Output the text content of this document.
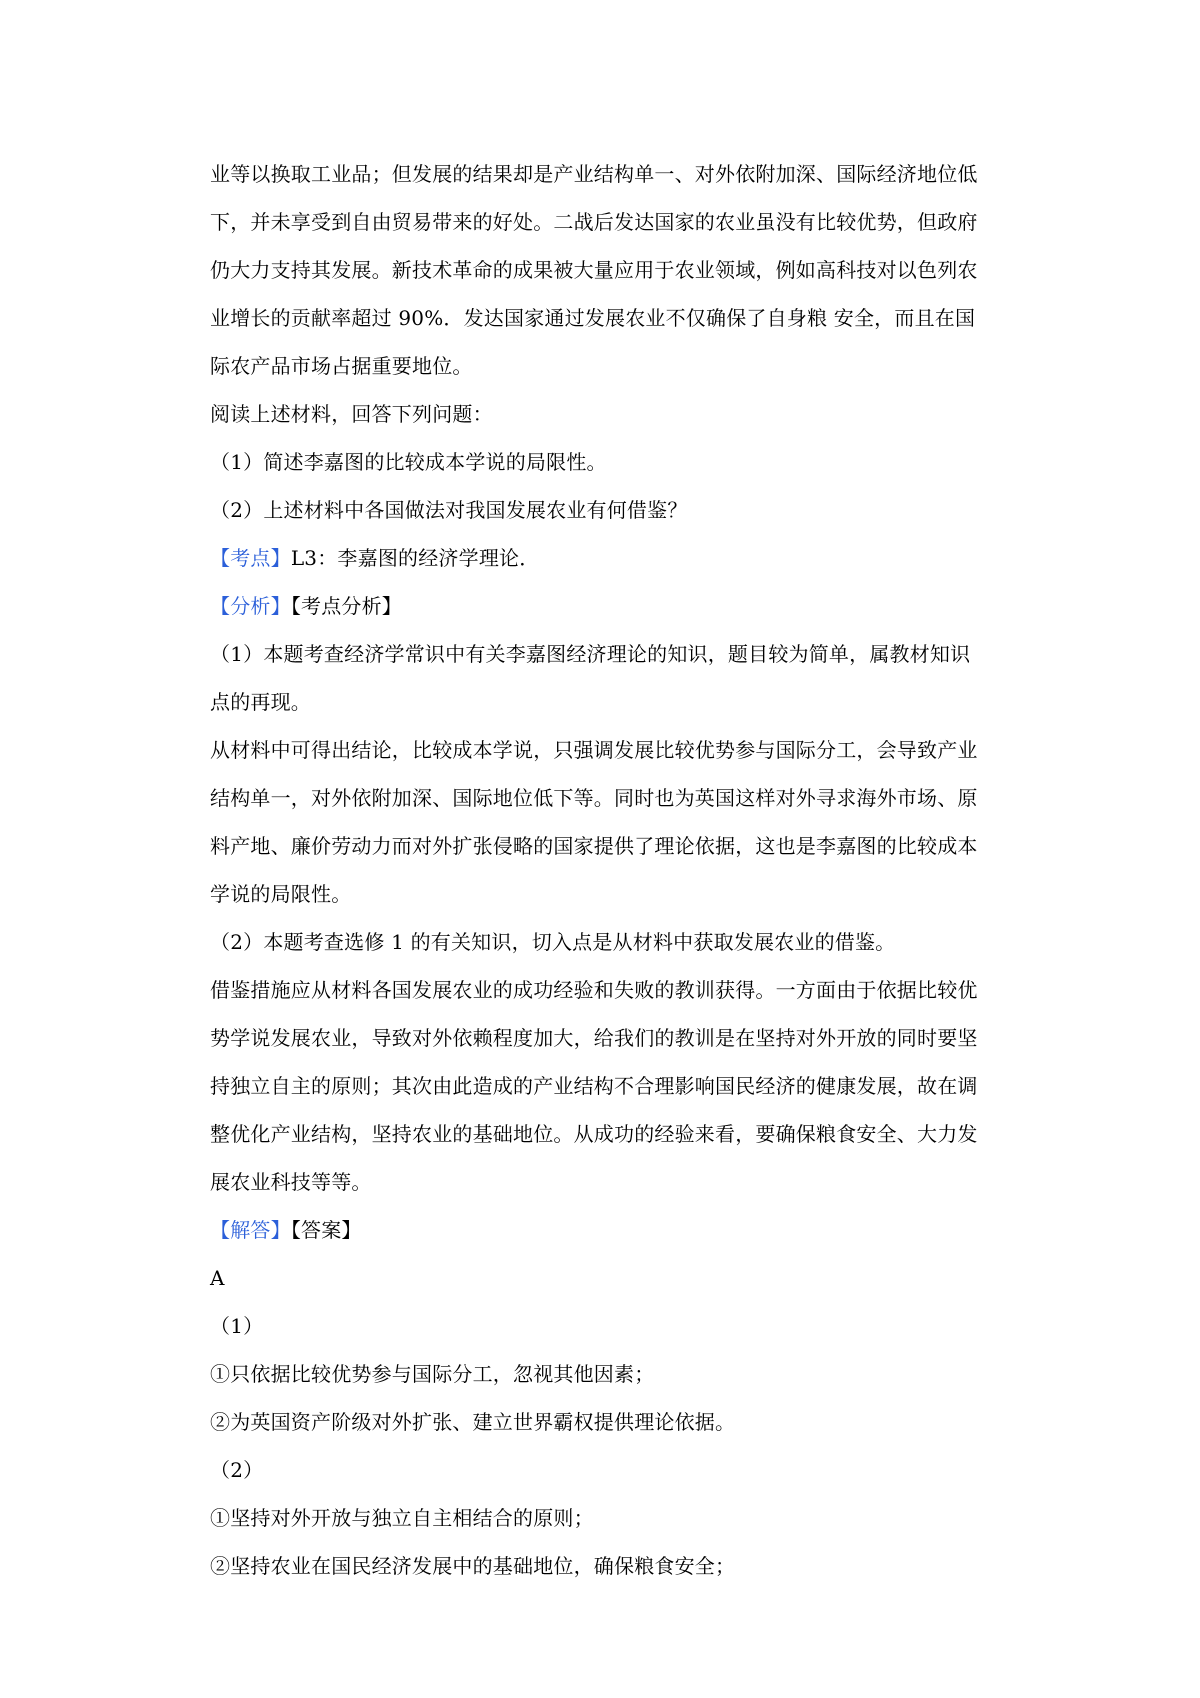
业等以换取工业品；但发展的结果却是产业结构单一、对外依附加深、国际经济地位低
下，并未享受到自由贸易带来的好处。二战后发达国家的农业虽没有比较优势，但政府
仍大力支持其发展。新技术革命的成果被大量应用于农业领域，例如高科技对以色列农
业增长的贡献率超过 90%．发达国家通过发展农业不仅确保了自身粮 安全，而且在国
际农产品市场占据重要地位。
阅读上述材料，回答下列问题：
（1）简述李嘉图的比较成本学说的局限性。
（2）上述材料中各国做法对我国发展农业有何借鉴？
【考点】L3：李嘉图的经济学理论．
【分析】【考点分析】
（1）本题考查经济学常识中有关李嘉图经济理论的知识，题目较为简单，属教材知识
点的再现。
从材料中可得出结论，比较成本学说，只强调发展比较优势参与国际分工，会导致产业
结构单一，对外依附加深、国际地位低下等。同时也为英国这样对外寻求海外市场、原
料产地、廉价劳动力而对外扩张侵略的国家提供了理论依据，这也是李嘉图的比较成本
学说的局限性。
（2）本题考查选修 1 的有关知识，切入点是从材料中获取发展农业的借鉴。
借鉴措施应从材料各国发展农业的成功经验和失败的教训获得。一方面由于依据比较优
势学说发展农业，导致对外依赖程度加大，给我们的教训是在坚持对外开放的同时要坚
持独立自主的原则；其次由此造成的产业结构不合理影响国民经济的健康发展，故在调
整优化产业结构，坚持农业的基础地位。从成功的经验来看，要确保粮食安全、大力发
展农业科技等等。
【解答】【答案】
A
（1）
①只依据比较优势参与国际分工，忽视其他因素；
②为英国资产阶级对外扩张、建立世界霸权提供理论依据。
（2）
①坚持对外开放与独立自主相结合的原则；
②坚持农业在国民经济发展中的基础地位，确保粮食安全；
